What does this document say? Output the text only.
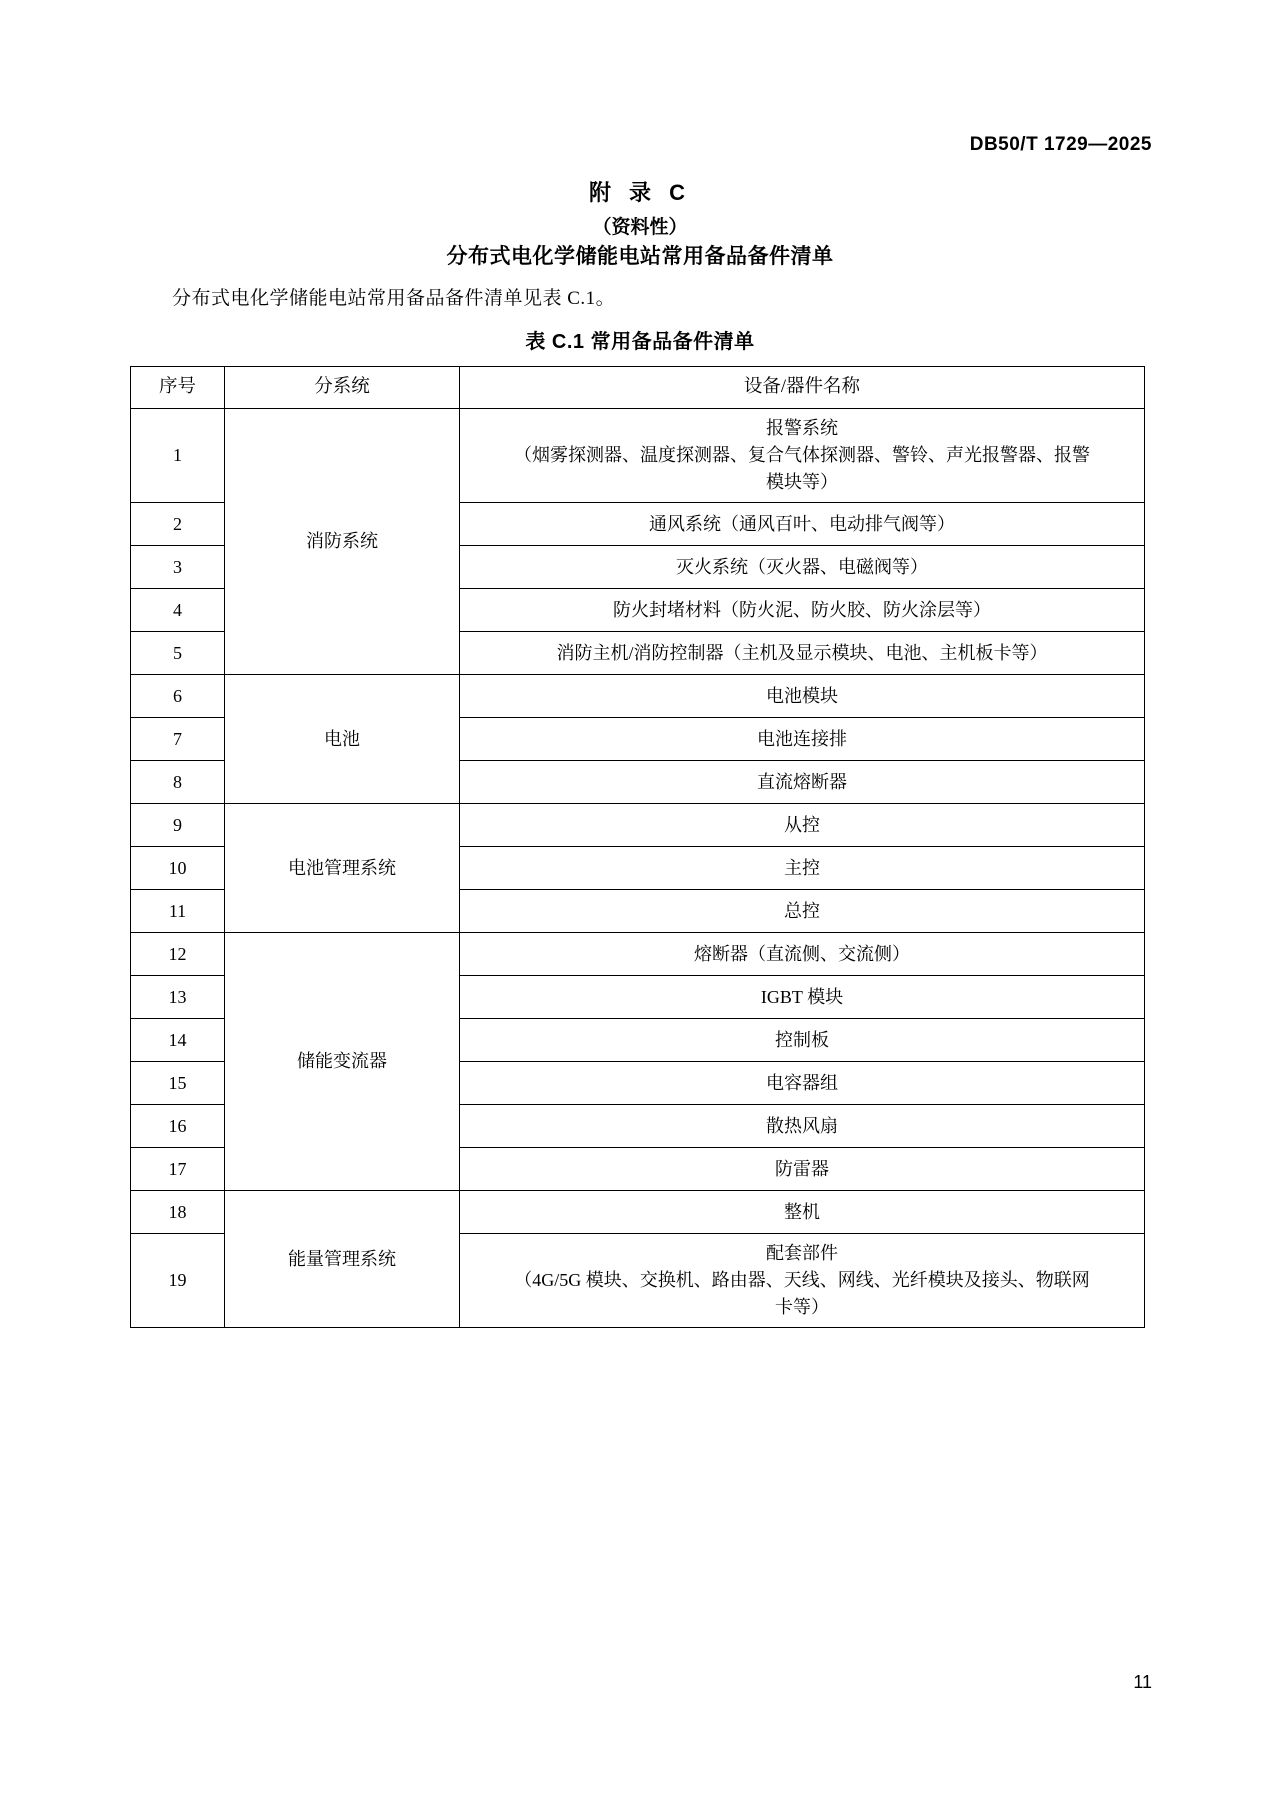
DB50/T 1729—2025
附 录 C
（资料性）
分布式电化学储能电站常用备品备件清单
分布式电化学储能电站常用备品备件清单见表 C.1。
表 C.1 常用备品备件清单
序号	分系统	设备/器件名称
1	消防系统	报警系统
（烟雾探测器、温度探测器、复合气体探测器、警铃、声光报警器、报警
模块等）

2		通风系统（通风百叶、电动排气阀等）
3		灭火系统（灭火器、电磁阀等）
4		防火封堵材料（防火泥、防火胶、防火涂层等）
5		消防主机/消防控制器（主机及显示模块、电池、主机板卡等）
6	电池	电池模块
7		电池连接排
8		直流熔断器
9	电池管理系统	从控
10		主控
11		总控
12	储能变流器	熔断器（直流侧、交流侧）
13		IGBT 模块
14		控制板
15		电容器组
16		散热风扇
17		防雷器
18	能量管理系统	整机
19		配套部件
（4G/5G 模块、交换机、路由器、天线、网线、光纤模块及接头、物联网
卡等）
11
